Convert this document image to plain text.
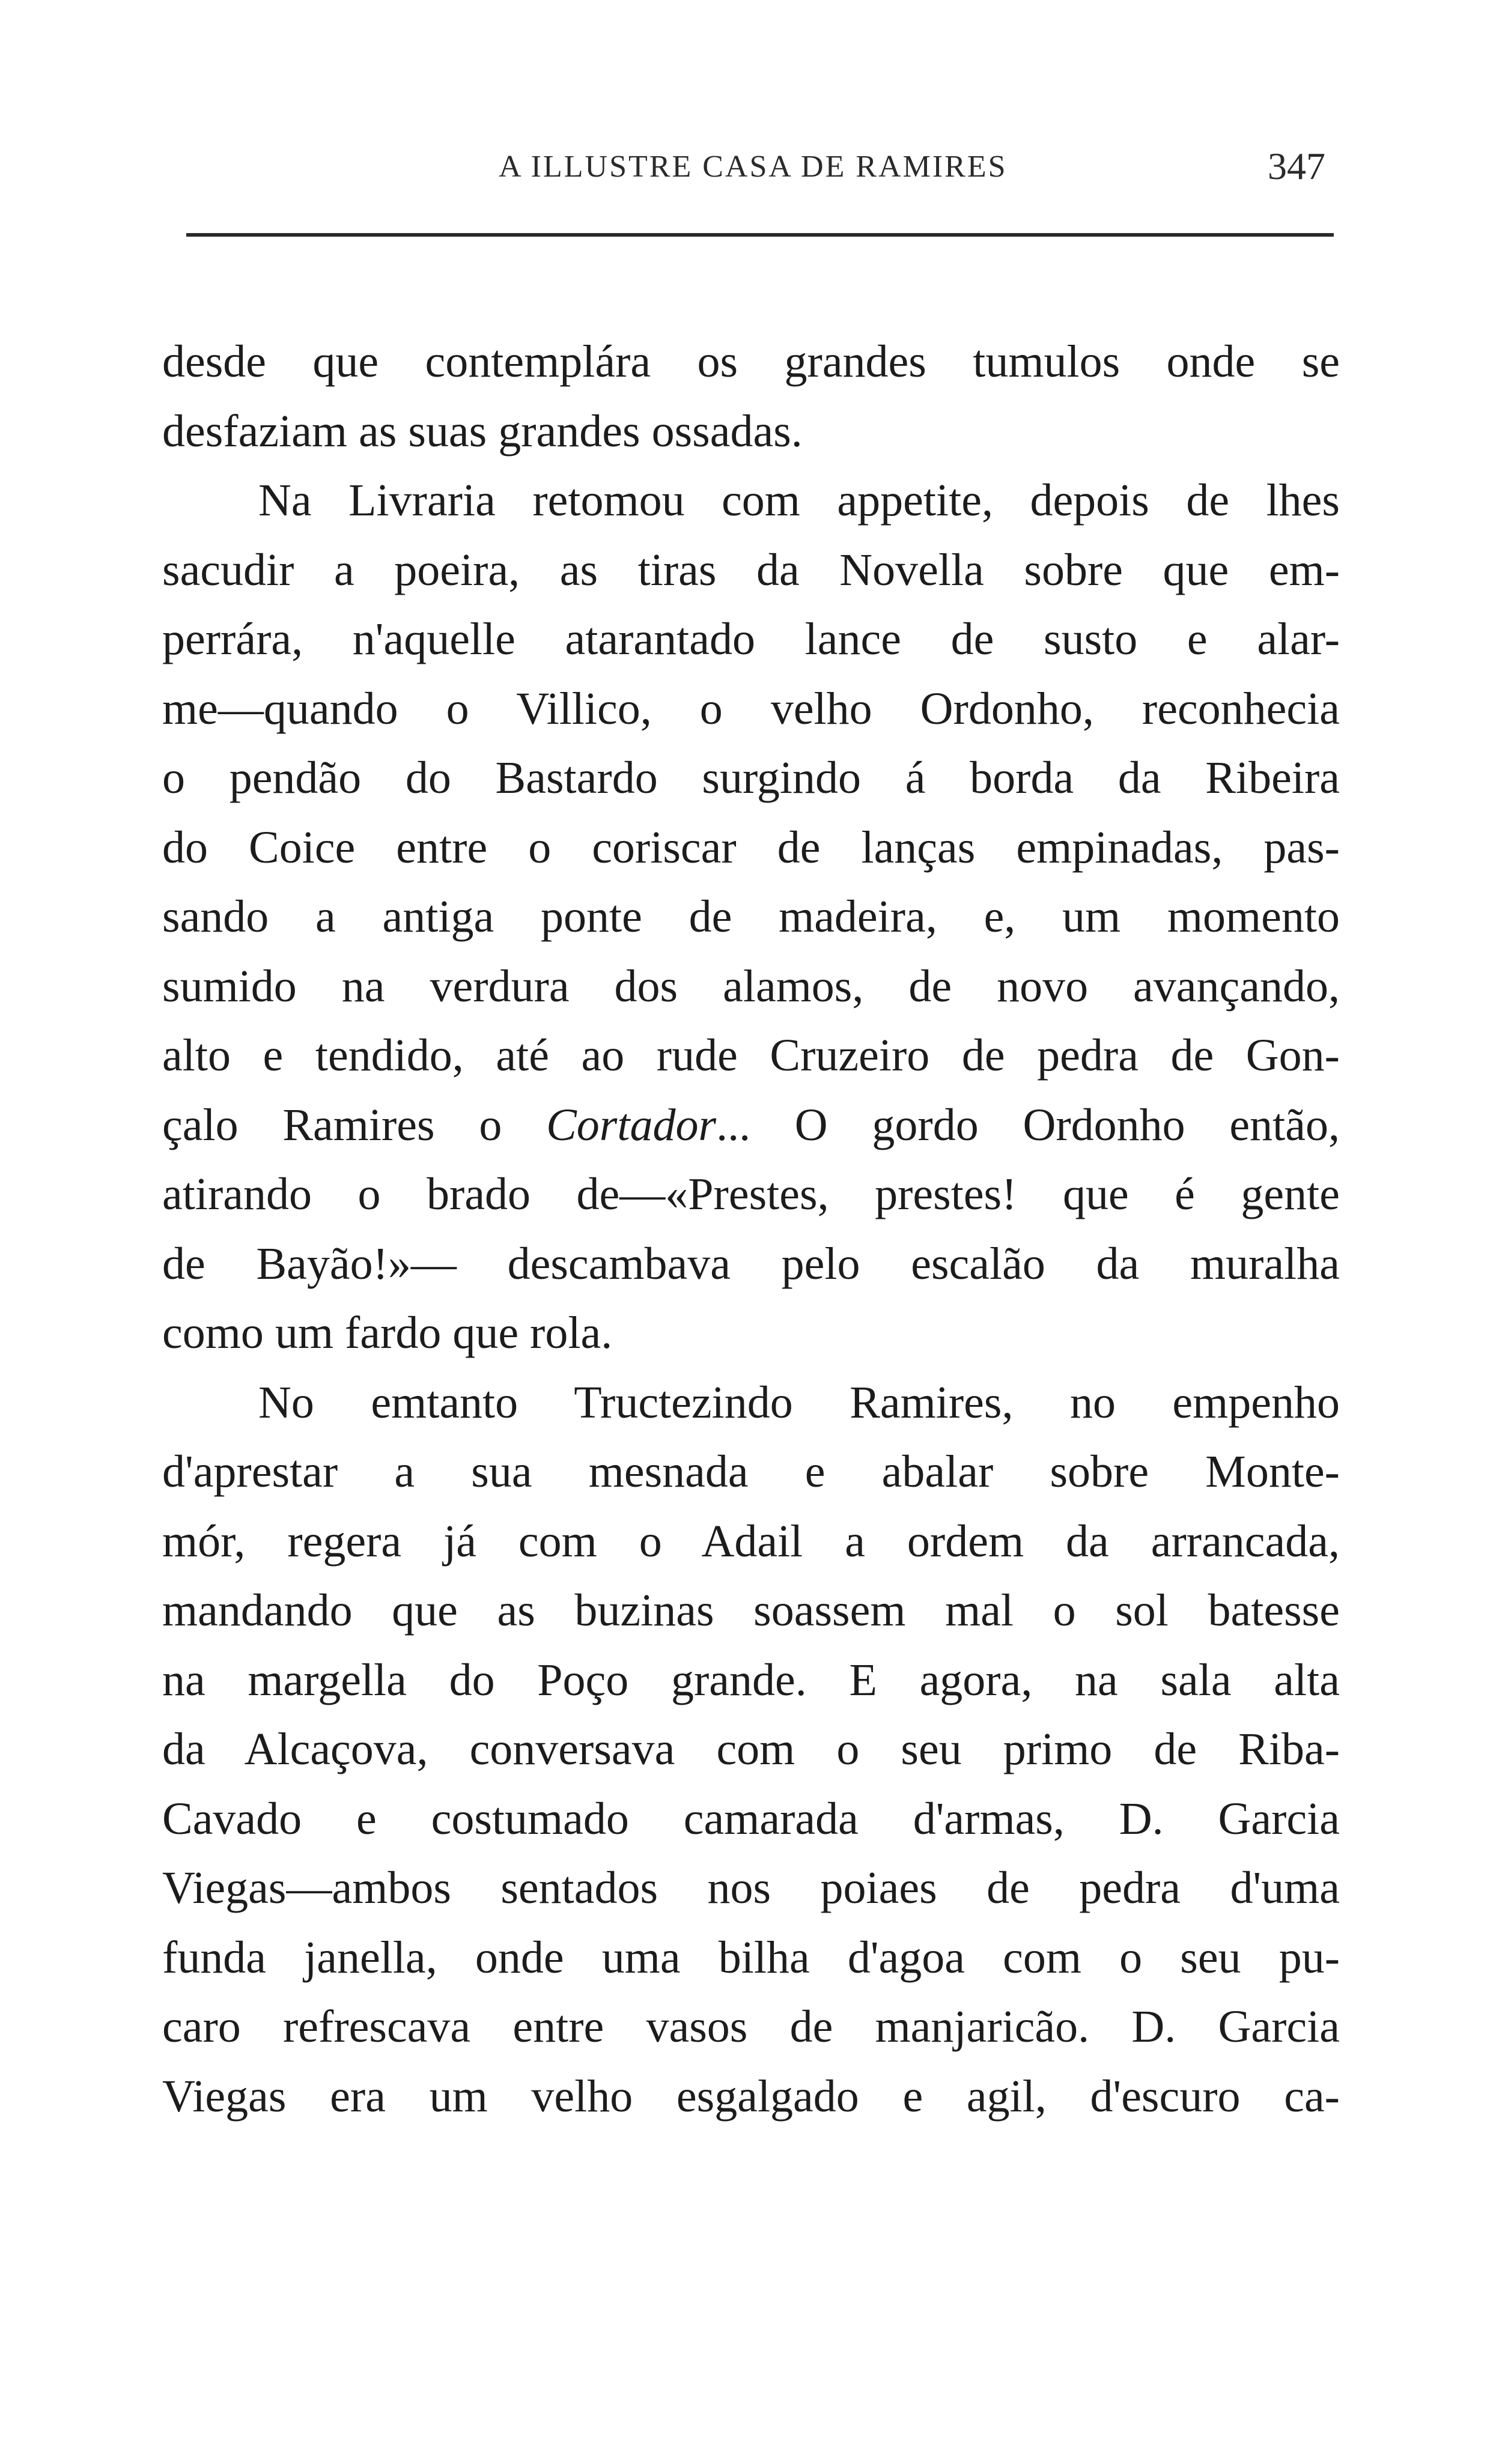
A ILLUSTRE CASA DE RAMIRES	347
desde que contemplára os grandes tumulos onde se
desfaziam as suas grandes ossadas.
Na Livraria retomou com appetite, depois de lhes
sacudir a poeira, as tiras da Novella sobre que em-
perrára, n'aquelle atarantado lance de susto e alar-
me—quando o Villico, o velho Ordonho, reconhecia
o pendão do Bastardo surgindo á borda da Ribeira
do Coice entre o coriscar de lanças empinadas, pas-
sando a antiga ponte de madeira, e, um momento
sumido na verdura dos alamos, de novo avançando,
alto e tendido, até ao rude Cruzeiro de pedra de Gon-
çalo Ramires o Cortador... O gordo Ordonho então,
atirando o brado de—«Prestes, prestes! que é gente
de Bayão!»— descambava pelo escalão da muralha
como um fardo que rola.
No emtanto Tructezindo Ramires, no empenho
d'aprestar a sua mesnada e abalar sobre Monte-
mór, regera já com o Adail a ordem da arrancada,
mandando que as buzinas soassem mal o sol batesse
na margella do Poço grande. E agora, na sala alta
da Alcaçova, conversava com o seu primo de Riba-
Cavado e costumado camarada d'armas, D. Garcia
Viegas—ambos sentados nos poiaes de pedra d'uma
funda janella, onde uma bilha d'agoa com o seu pu-
caro refrescava entre vasos de manjaricão. D. Garcia
Viegas era um velho esgalgado e agil, d'escuro ca-
